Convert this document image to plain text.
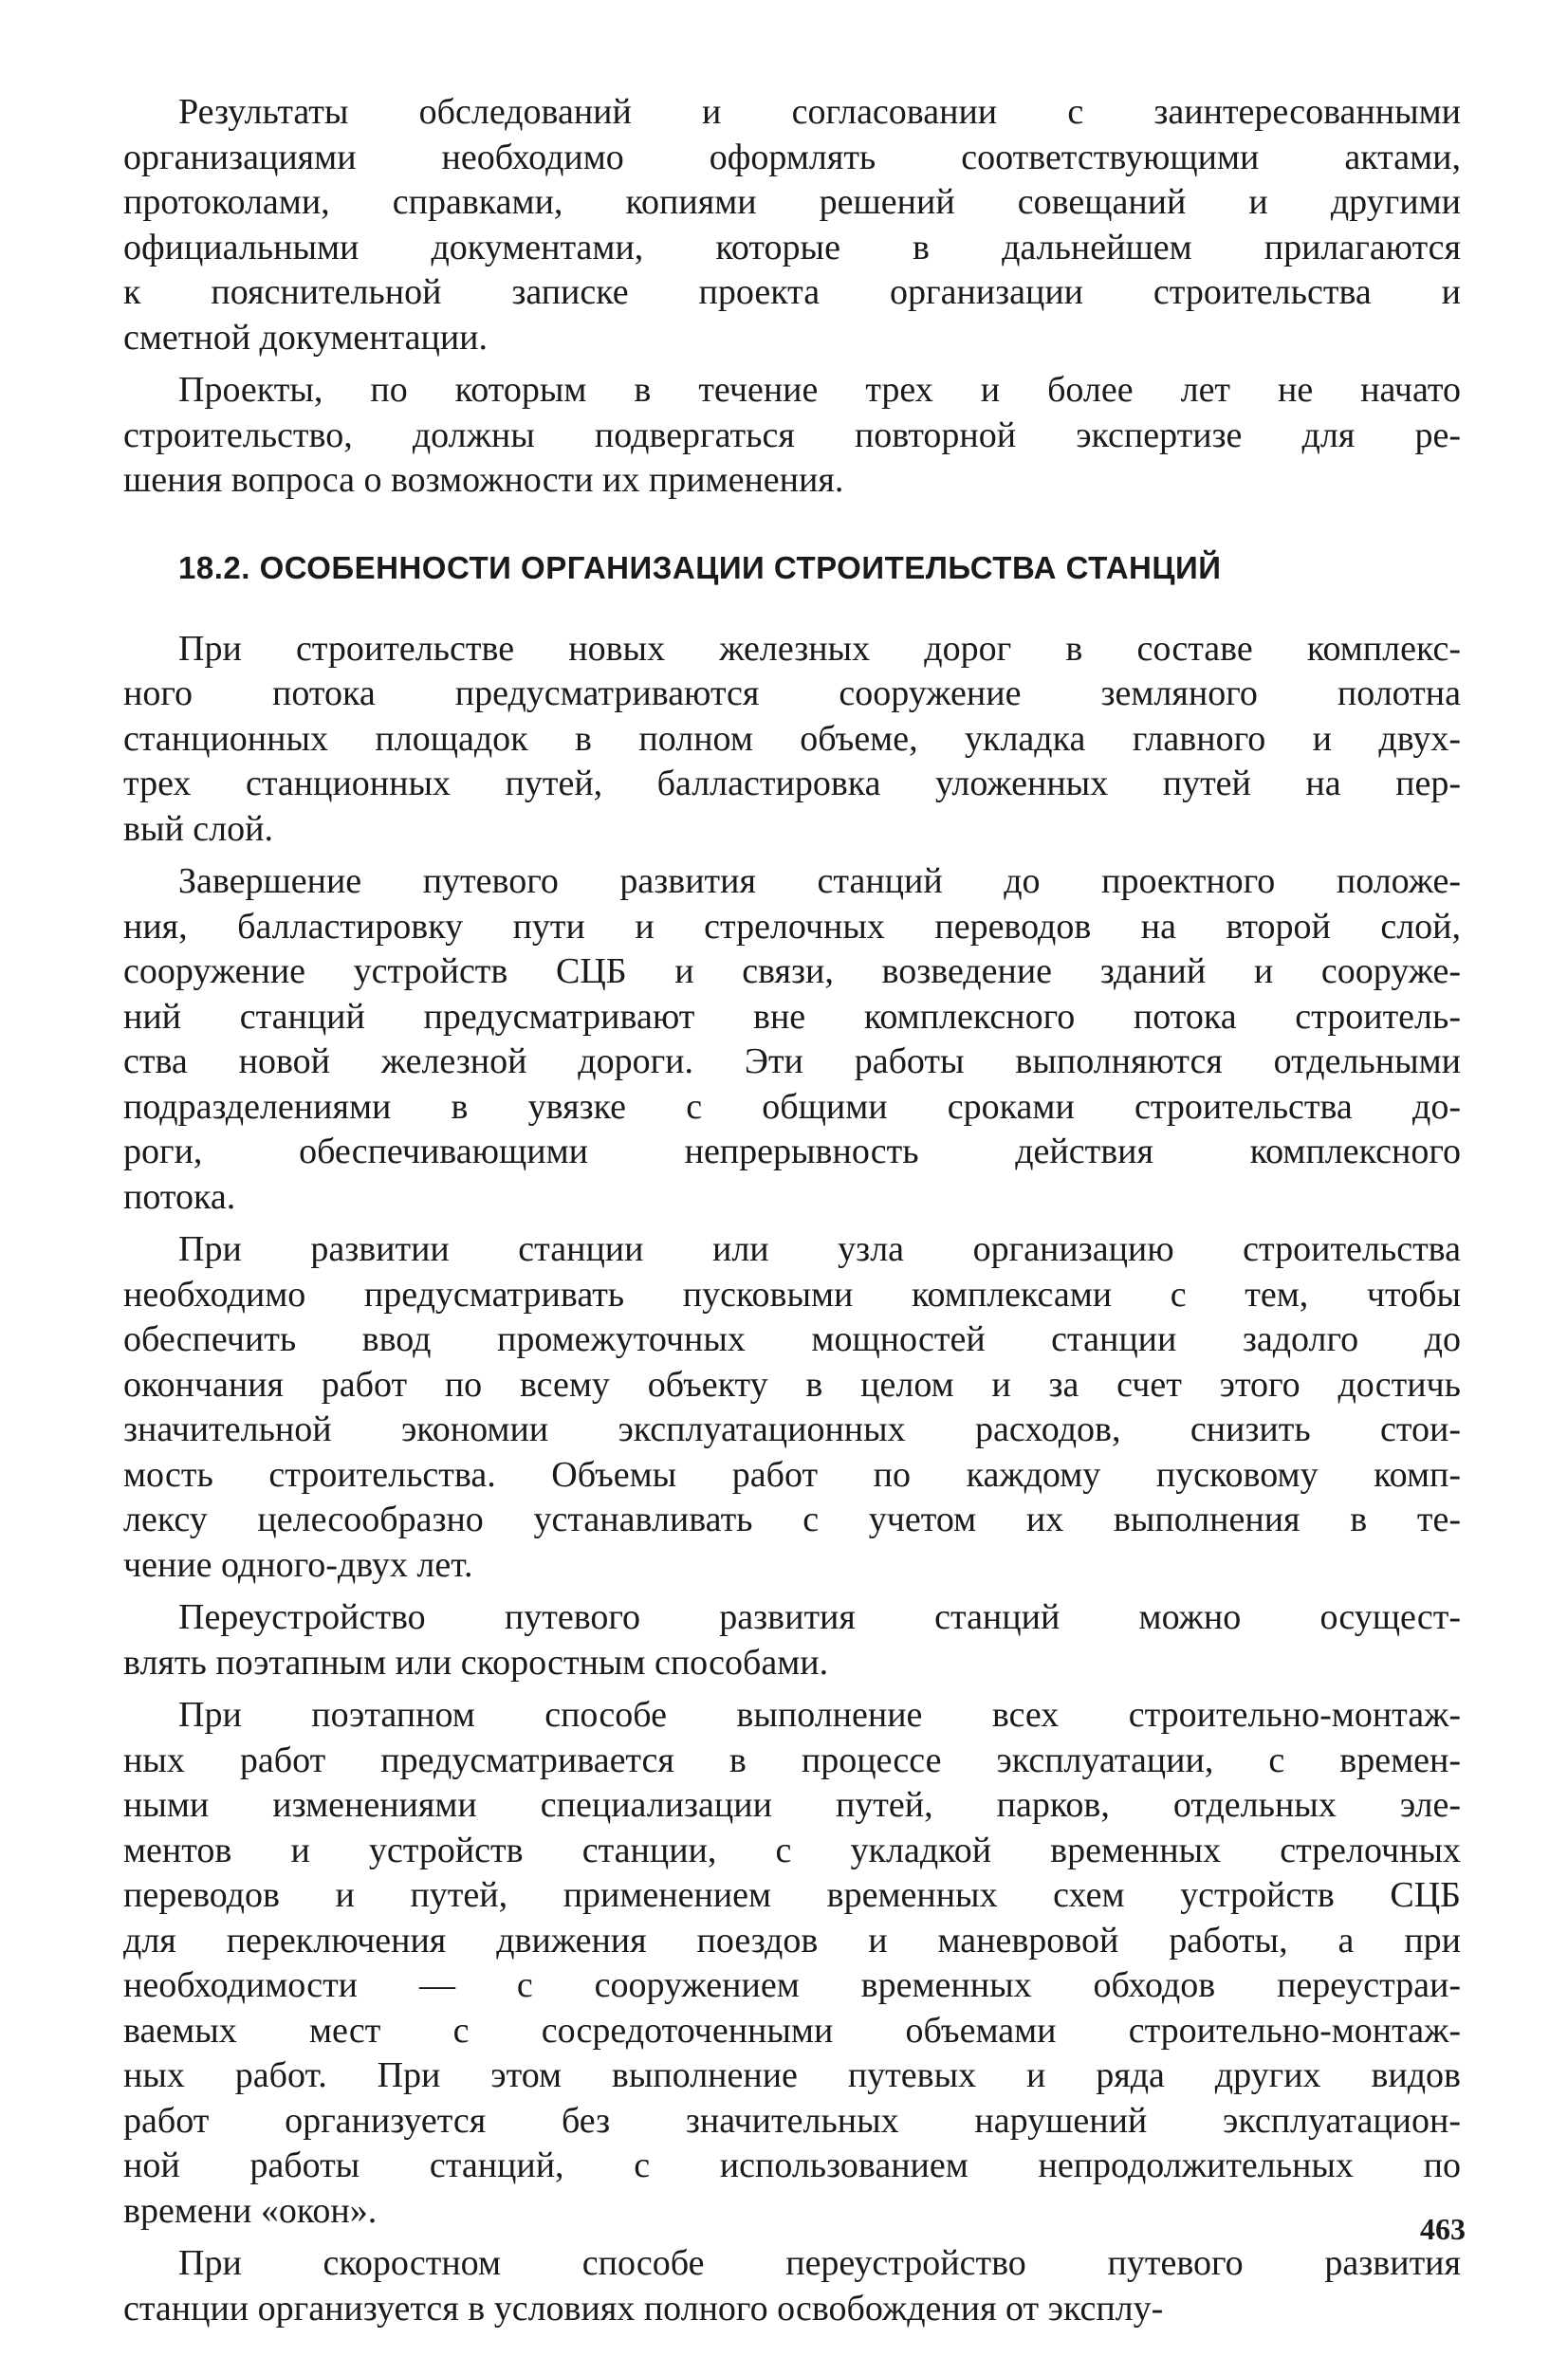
Результаты обследований и согласовании с заинтересованными
организациями необходимо оформлять соответствующими актами,
протоколами, справками, копиями решений совещаний и другими
официальными документами, которые в дальнейшем прилагаются
к пояснительной записке проекта организации строительства и
сметной документации.
Проекты, по которым в течение трех и более лет не начато
строительство, должны подвергаться повторной экспертизе для ре-
шения вопроса о возможности их применения.
18.2. ОСОБЕННОСТИ ОРГАНИЗАЦИИ СТРОИТЕЛЬСТВА СТАНЦИЙ
При строительстве новых железных дорог в составе комплекс-
ного потока предусматриваются сооружение земляного полотна
станционных площадок в полном объеме, укладка главного и двух-
трех станционных путей, балластировка уложенных путей на пер-
вый слой.
Завершение путевого развития станций до проектного положе-
ния, балластировку пути и стрелочных переводов на второй слой,
сооружение устройств СЦБ и связи, возведение зданий и сооруже-
ний станций предусматривают вне комплексного потока строитель-
ства новой железной дороги. Эти работы выполняются отдельными
подразделениями в увязке с общими сроками строительства до-
роги, обеспечивающими непрерывность действия комплексного
потока.
При развитии станции или узла организацию строительства
необходимо предусматривать пусковыми комплексами с тем, чтобы
обеспечить ввод промежуточных мощностей станции задолго до
окончания работ по всему объекту в целом и за счет этого достичь
значительной экономии эксплуатационных расходов, снизить стои-
мость строительства. Объемы работ по каждому пусковому комп-
лексу целесообразно устанавливать с учетом их выполнения в те-
чение одного-двух лет.
Переустройство путевого развития станций можно осущест-
влять поэтапным или скоростным способами.
При поэтапном способе выполнение всех строительно-монтаж-
ных работ предусматривается в процессе эксплуатации, с времен-
ными изменениями специализации путей, парков, отдельных эле-
ментов и устройств станции, с укладкой временных стрелочных
переводов и путей, применением временных схем устройств СЦБ
для переключения движения поездов и маневровой работы, а при
необходимости — с сооружением временных обходов переустраи-
ваемых мест с сосредоточенными объемами строительно-монтаж-
ных работ. При этом выполнение путевых и ряда других видов
работ организуется без значительных нарушений эксплуатацион-
ной работы станций, с использованием непродолжительных по
времени «окон».
При скоростном способе переустройство путевого развития
станции организуется в условиях полного освобождения от эксплу-
463
